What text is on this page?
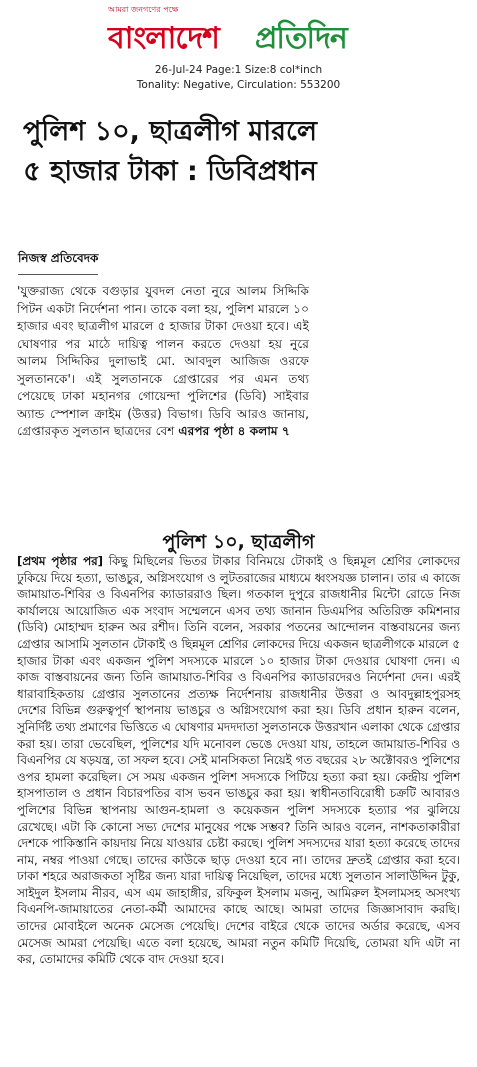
আমরা জনগণের পক্ষে
বাংলাদেশ প্রতিদিন
26-Jul-24 Page:1 Size:8 col*inch
Tonality: Negative, Circulation: 553200
পুলিশ ১০, ছাত্রলীগ মারলে ৫ হাজার টাকা : ডিবিপ্রধান
নিজস্ব প্রতিবেদক
'যুক্তরাজ্য থেকে বগুড়ার যুবদল নেতা নুরে আলম সিদ্দিকি পিটন একটা নির্দেশনা পান। তাকে বলা হয়, পুলিশ মারলে ১০ হাজার এবং ছাত্রলীগ মারলে ৫ হাজার টাকা দেওয়া হবে। এই ঘোষণার পর মাঠে দায়িত্ব পালন করতে দেওয়া হয় নুরে আলম সিদ্দিকির দুলাভাই মো. আবদুল আজিজ ওরফে সুলতানকে'। এই সুলতানকে গ্রেপ্তারের পর এমন তথ্য পেয়েছে ঢাকা মহানগর গোয়েন্দা পুলিশের (ডিবি) সাইবার অ্যান্ড স্পেশাল ক্রাইম (উত্তর) বিভাগ। ডিবি আরও জানায়, গ্রেপ্তারকৃত সুলতান ছাত্রদের বেশ এরপর পৃষ্ঠা ৪ কলাম ৭
পুলিশ ১০, ছাত্রলীগ
[প্রথম পৃষ্ঠার পর] কিছু মিছিলের ভিতর টাকার বিনিময়ে টোকাই ও ছিন্নমূল শ্রেণির লোকদের ঢুকিয়ে দিয়ে হত্যা, ভাঙচুর, অগ্নিসংযোগ ও লুটতরাজের মাধ্যমে ধ্বংসযজ্ঞ চালান। তার এ কাজে জামায়াত-শিবির ও বিএনপির ক্যাডাররাও ছিল। গতকাল দুপুরে রাজধানীর মিন্টো রোডে নিজ কার্যালয়ে আয়োজিত এক সংবাদ সম্মেলনে এসব তথ্য জানান ডিএমপির অতিরিক্ত কমিশনার (ডিবি) মোহাম্মদ হারুন অর রশীদ। তিনি বলেন, সরকার পতনের আন্দোলন বাস্তবায়নের জন্য গ্রেপ্তার আসামি সুলতান টোকাই ও ছিন্নমূল শ্রেণির লোকদের দিয়ে একজন ছাত্রলীগকে মারলে ৫ হাজার টাকা এবং একজন পুলিশ সদস্যকে মারলে ১০ হাজার টাকা দেওয়ার ঘোষণা দেন। এ কাজ বাস্তবায়নের জন্য তিনি জামায়াত-শিবির ও বিএনপির ক্যাডারদেরও নির্দেশনা দেন। এরই ধারাবাহিকতায় গ্রেপ্তার সুলতানের প্রত্যক্ষ নির্দেশনায় রাজধানীর উত্তরা ও আবদুল্লাহপুরসহ দেশের বিভিন্ন গুরুত্বপূর্ণ স্থাপনায় ভাঙচুর ও অগ্নিসংযোগ করা হয়। ডিবি প্রধান হারুন বলেন, সুনির্দিষ্ট তথ্য প্রমাণের ভিত্তিতে এ ঘোষণার মদদদাতা সুলতানকে উত্তরখান এলাকা থেকে গ্রেপ্তার করা হয়। তারা ভেবেছিল, পুলিশের যদি মনোবল ভেঙে দেওয়া যায়, তাহলে জামায়াত-শিবির ও বিএনপির যে ষড়যন্ত্র, তা সফল হবে। সেই মানসিকতা নিয়েই গত বছরের ২৮ অক্টোবরও পুলিশের ওপর হামলা করেছিল। সে সময় একজন পুলিশ সদস্যকে পিটিয়ে হত্যা করা হয়। কেন্দ্রীয় পুলিশ হাসপাতাল ও প্রধান বিচারপতির বাস ভবন ভাঙচুর করা হয়। স্বাধীনতাবিরোধী চক্রটি আবারও পুলিশের বিভিন্ন স্থাপনায় আগুন-হামলা ও কয়েকজন পুলিশ সদস্যকে হত্যার পর ঝুলিয়ে রেখেছে। এটা কি কোনো সভ্য দেশের মানুষের পক্ষে সম্ভব? তিনি আরও বলেন, নাশকতাকারীরা দেশকে পাকিস্তানি কায়দায় নিয়ে যাওয়ার চেষ্টা করছে। পুলিশ সদস্যদের যারা হত্যা করেছে তাদের নাম, নম্বর পাওয়া গেছে। তাদের কাউকে ছাড় দেওয়া হবে না। তাদের দ্রুতই গ্রেপ্তার করা হবে। ঢাকা শহরে অরাজকতা সৃষ্টির জন্য যারা দায়িত্ব নিয়েছিল, তাদের মধ্যে সুলতান সালাউদ্দিন টুকু, সাইদুল ইসলাম নীরব, এস এম জাহাঙ্গীর, রফিকুল ইসলাম মজনু, আমিরুল ইসলামসহ অসংখ্য বিএনপি-জামায়াতের নেতা-কর্মী আমাদের কাছে আছে। আমরা তাদের জিজ্ঞাসাবাদ করছি। তাদের মোবাইলে অনেক মেসেজ পেয়েছি। দেশের বাইরে থেকে তাদের অর্ডার করেছে, এসব মেসেজ আমরা পেয়েছি। এতে বলা হয়েছে, আমরা নতুন কমিটি দিয়েছি, তোমরা যদি এটা না কর, তোমাদের কমিটি থেকে বাদ দেওয়া হবে।
